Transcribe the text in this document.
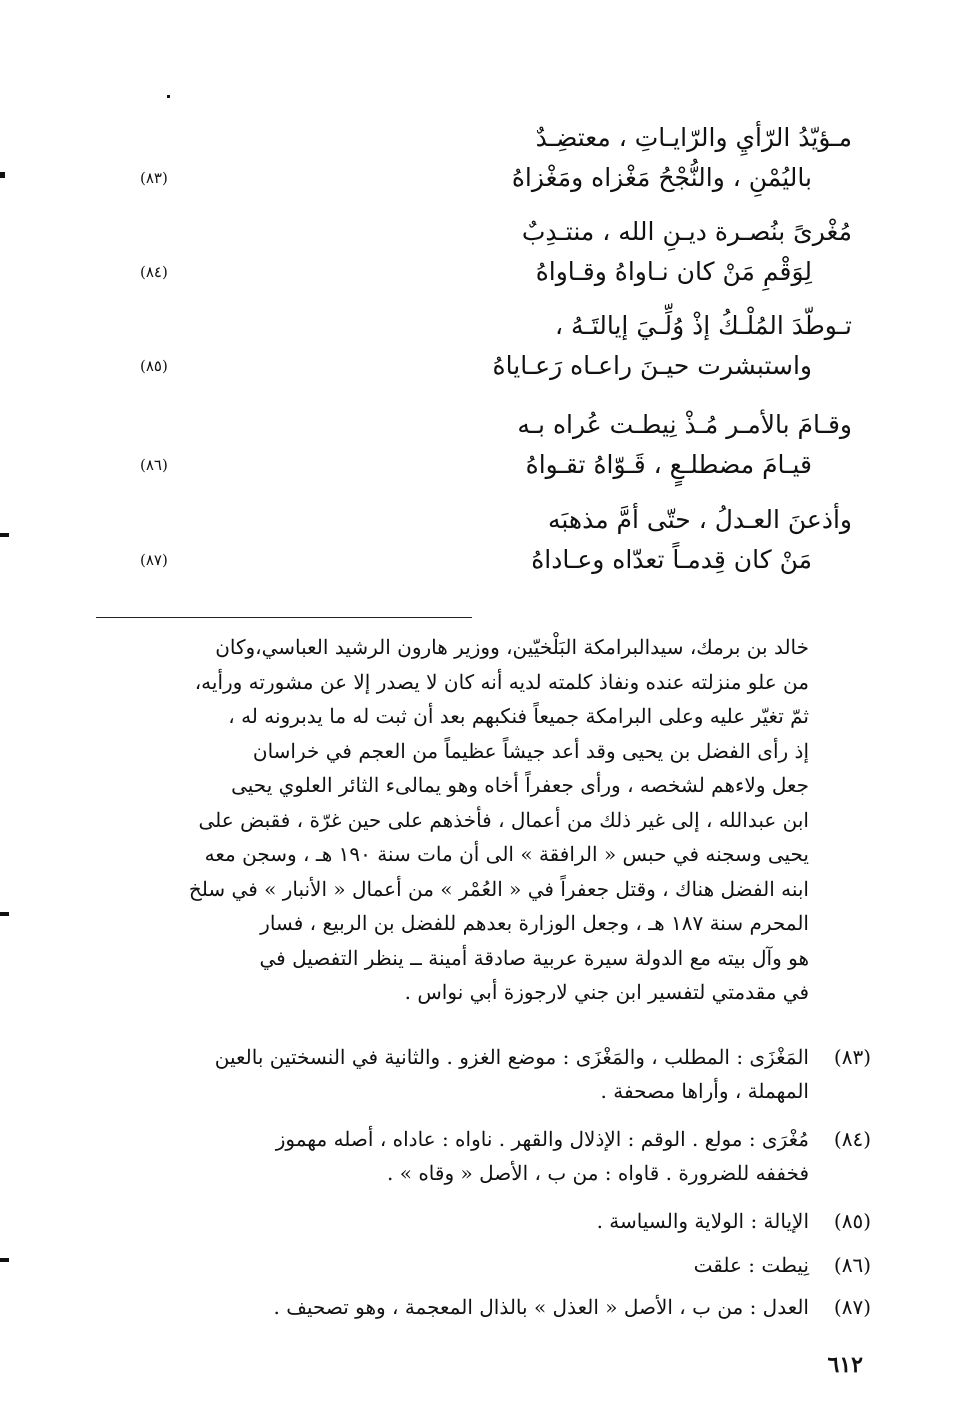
مـؤيّدُ الرّأيِ والرّايـاتِ ، معتضِـدٌ
باليُمْنِ ، والنُّجْحُ مَغْزاه ومَغْزاهُ
(٨٣)
مُغْرىً بنُصـرة ديـنِ الله ، منتـدِبٌ
لِوَقْمِ مَنْ كان نـاواهُ وقـاواهُ
(٨٤)
تـوطّدَ المُلْـكُ إذْ وُلِّـيَ إيالتَـهُ ،
واستبشرت حيـنَ راعـاه رَعـاياهُ
(٨٥)
وقـامَ بالأمـر مُـذْ نِيطـت عُراه بـه
قيـامَ مضطلـعٍ ، قَـوّاهُ تقـواهُ
(٨٦)
وأذعنَ العـدلُ ، حتّى أمَّ مذهبَه
مَنْ كان قِدمـاً تعدّاه وعـاداهُ
(٨٧)

خالد بن برمك، سيدالبرامكة البَلْخيّين، ووزير هارون الرشيد العباسي،وكان

من علو منزلته عنده ونفاذ كلمته لديه أنه كان لا يصدر إلا عن مشورته ورأيه،

ثمّ تغيّر عليه وعلى البرامكة جميعاً فنكبهم بعد أن ثبت له ما يدبرونه له ،

إذ رأى الفضل بن يحيى وقد أعد جيشاً عظيماً من العجم في خراسان

جعل ولاءهم لشخصه ، ورأى جعفراً أخاه وهو يمالىء الثائر العلوي يحيى

ابن عبدالله ، إلى غير ذلك من أعمال ، فأخذهم على حين غرّة ، فقبض على

يحيى وسجنه في حبس « الرافقة » الى أن مات سنة ١٩٠ هـ ، وسجن معه

ابنه الفضل هناك ، وقتل جعفراً في « العُمْر » من أعمال « الأنبار » في سلخ

المحرم سنة ١٨٧ هـ ، وجعل الوزارة بعدهم للفضل بن الربيع ، فسار

هو وآل بيته مع الدولة سيرة عربية صادقة أمينة ــ ينظر التفصيل في

في مقدمتي لتفسير ابن جني لارجوزة أبي نواس .

(٨٣)
المَغْزَى : المطلب ، والمَغْزَى : موضع الغزو . والثانية في النسختين بالعين
المهملة ، وأراها مصحفة .
(٨٤)
مُغْرَى : مولع . الوقم : الإذلال والقهر . ناواه : عاداه ، أصله مهموز
فخففه للضرورة . قاواه : من ب ، الأصل « وقاه » .
(٨٥)
الإيالة : الولاية والسياسة .
(٨٦)
نِيطت : علقت
(٨٧)
العدل : من ب ، الأصل « العذل » بالذال المعجمة ، وهو تصحيف .
٦١٢
